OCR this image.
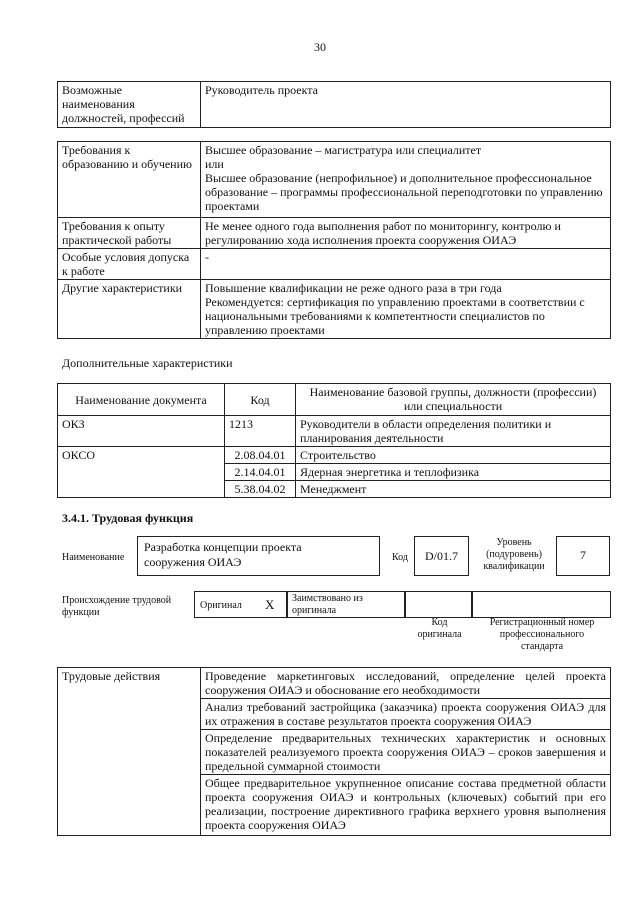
30
Возможные наименования должностей, профессий	Руководитель проекта
Требования к образованию и обучению	Высшее образование – магистратура или специалитет
или
Высшее образование (непрофильное) и дополнительное профессиональное образование – программы профессиональной переподготовки по управлению проектами

Требования к опыту практической работы	Не менее одного года выполнения работ по мониторингу, контролю и регулированию хода исполнения проекта сооружения ОИАЭ
Особые условия допуска к работе	-
Другие характеристики	Повышение квалификации не реже одного раза в три года
Рекомендуется: сертификация по управлению проектами в соответствии с национальными требованиями к компетентности специалистов по управлению проектами
Дополнительные характеристики
Наименование документа	Код	Наименование базовой группы, должности (профессии) или специальности
ОКЗ	1213	Руководители в области определения политики и планирования деятельности
ОКСО	2.08.04.01	Строительство
	2.14.04.01	Ядерная энергетика и теплофизика
	5.38.04.02	Менеджмент
3.4.1. Трудовая функция
Наименование
Разработка концепции проекта сооружения ОИАЭ	Код	D/01.7
Уровень (подуровень) квалификации
7
Происхождение трудовой функции
Оригинал X Заимствовано из оригинала
Код оригинала
Регистрационный номер профессионального стандарта
Трудовые действия	Проведение маркетинговых исследований, определение целей проекта сооружения ОИАЭ и обоснование его необходимости
Анализ требований застройщика (заказчика) проекта сооружения ОИАЭ для их отражения в составе результатов проекта сооружения ОИАЭ
Определение предварительных технических характеристик и основных показателей реализуемого проекта сооружения ОИАЭ – сроков завершения и предельной суммарной стоимости
Общее предварительное укрупненное описание состава предметной области проекта сооружения ОИАЭ и контрольных (ключевых) событий при его реализации, построение директивного графика верхнего уровня выполнения проекта сооружения ОИАЭ
